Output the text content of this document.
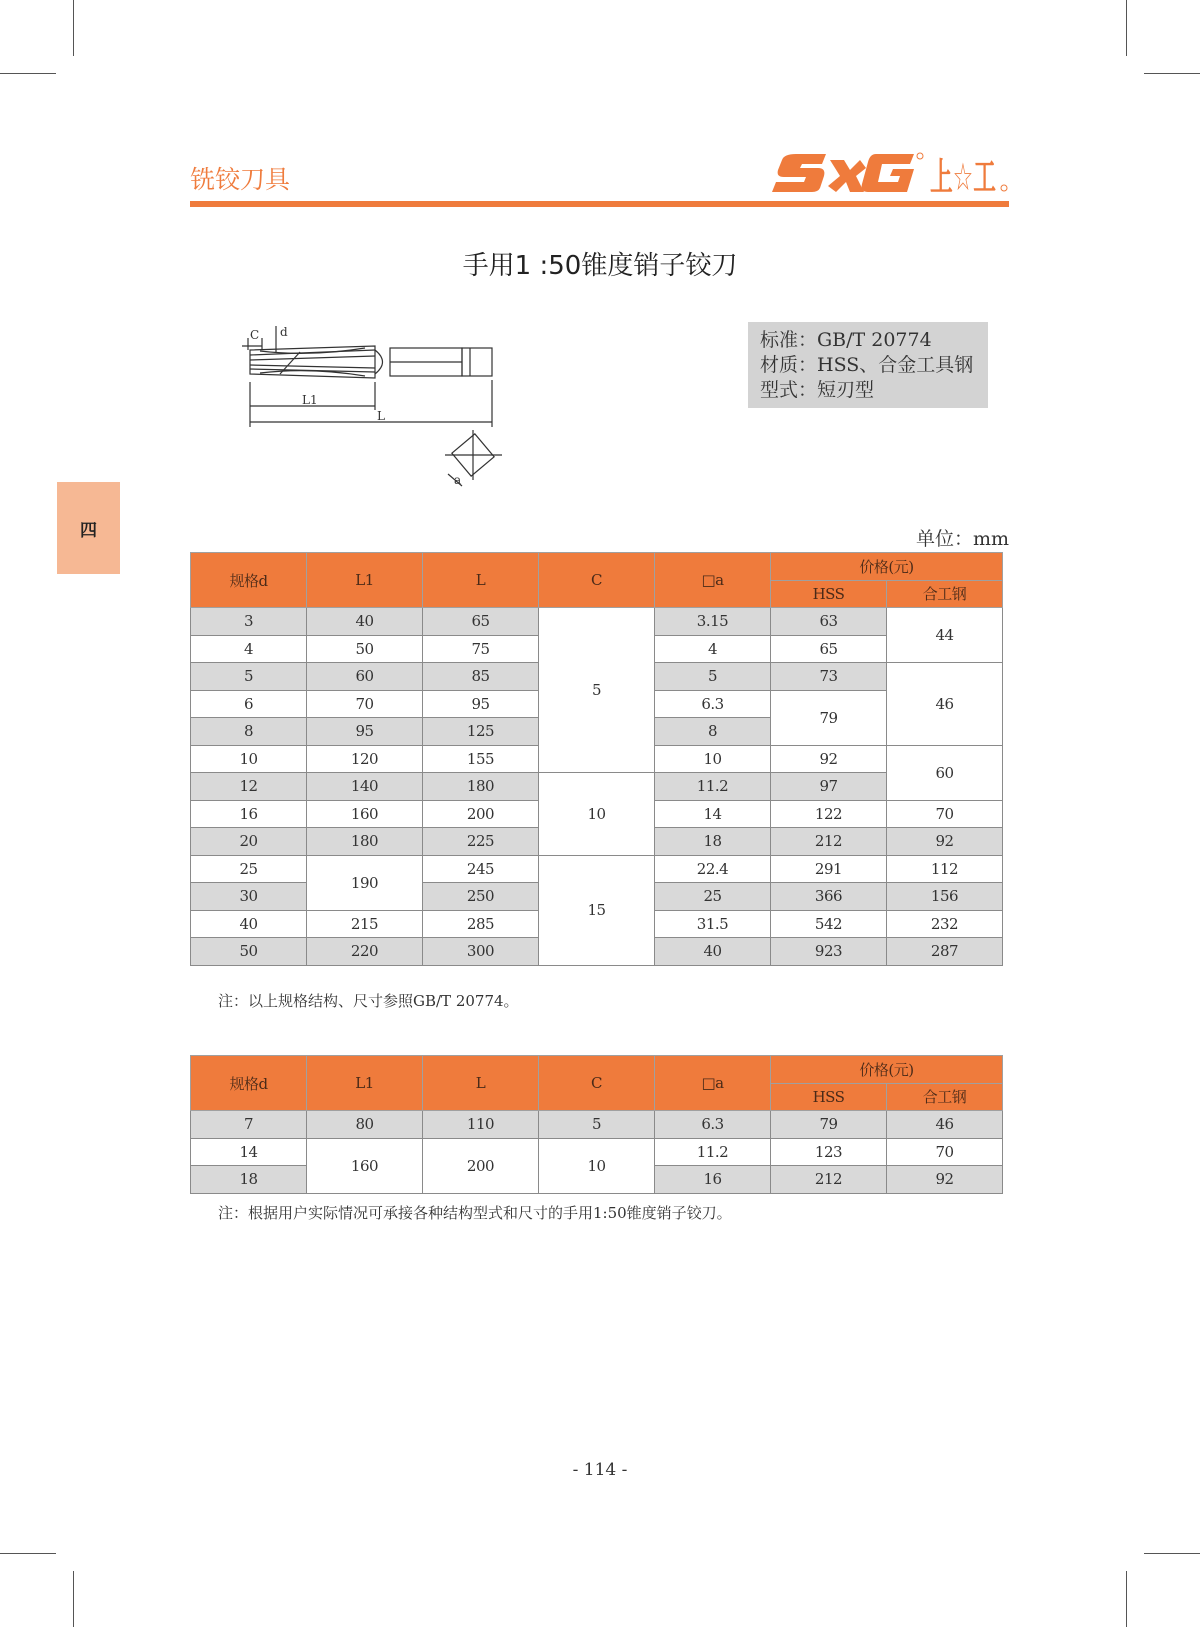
铣铰刀具	上☆工
手用1 :50锥度销子铰刀
C d
L1
L
a
标准：GB/T 20774
材质：HSS、合金工具钢
型式：短刃型
四	单位：mm
规格d	L1	L	C	□a	价格(元)	
					HSS	合工钢
3	40	65	5	3.15	63	44
4	50	75		4	65	
5	60	85		5	73	46
6	70	95		6.3	79	
8	95	125		8		
10	120	155		10	92	60
12	140	180	10	11.2	97	
16	160	200		14	122	70
20	180	225		18	212	92
25	190	245	15	22.4	291	112
30		250		25	366	156
40	215	285		31.5	542	232
50	220	300		40	923	287
注：以上规格结构、尺寸参照GB/T 20774。
规格d	L1	L	C	□a	价格(元)	
					HSS	合工钢
7	80	110	5	6.3	79	46
14	160	200	10	11.2	123	70
18				16	212	92
注：根据用户实际情况可承接各种结构型式和尺寸的手用1:50锥度销子铰刀。
- 114 -
